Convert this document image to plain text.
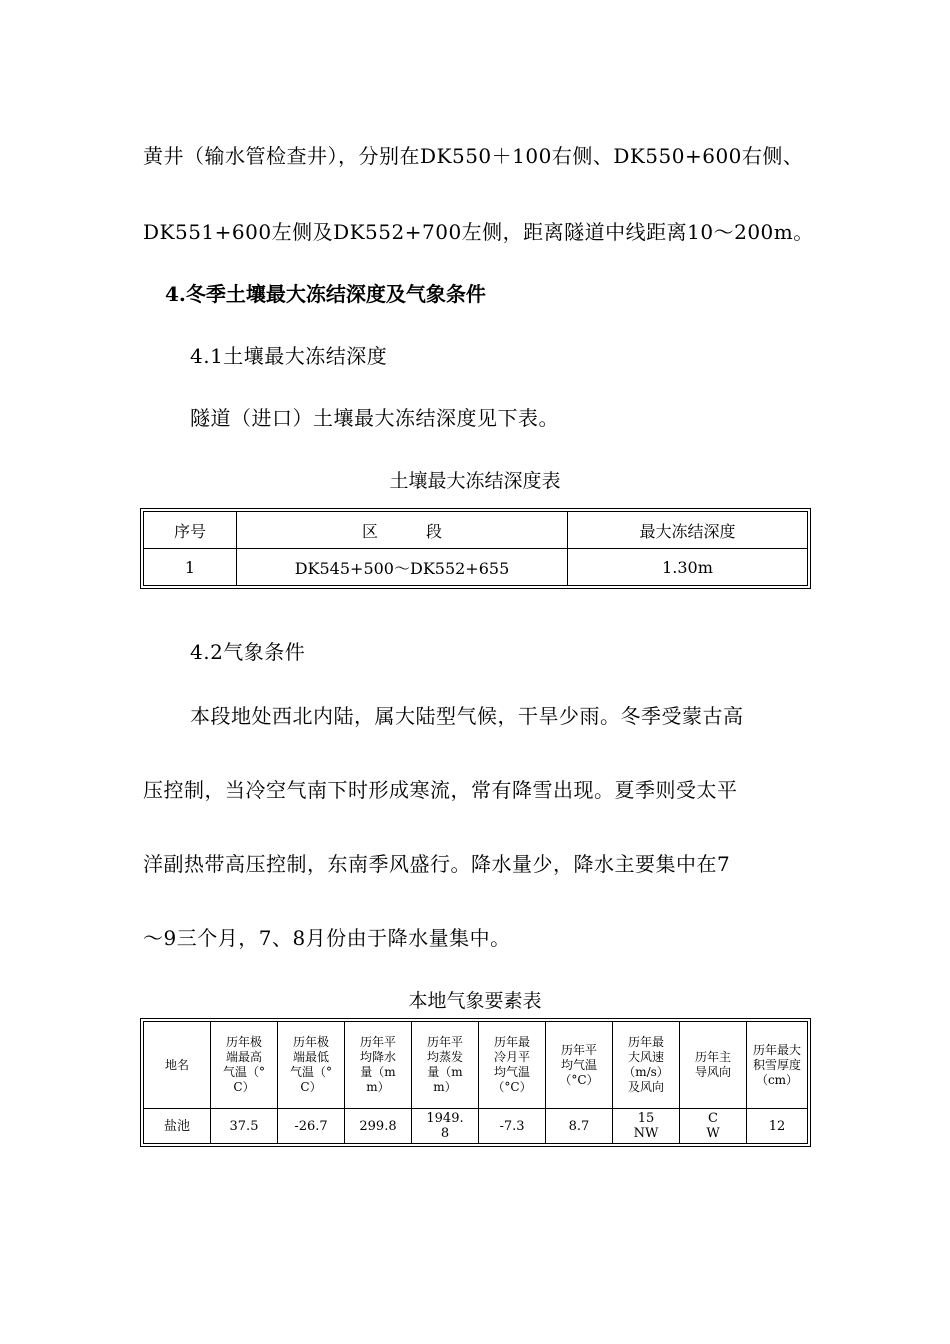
黄井（输水管检查井），分别在DK550＋100右侧、DK550+600右侧、
DK551+600左侧及DK552+700左侧，距离隧道中线距离10～200m。
4.冬季土壤最大冻结深度及气象条件
4.1土壤最大冻结深度
隧道（进口）土壤最大冻结深度见下表。
土壤最大冻结深度表
序号	区　　　段	最大冻结深度
1	DK545+500～DK552+655	1.30m
4.2气象条件
本段地处西北内陆，属大陆型气候，干旱少雨。冬季受蒙古高
压控制，当冷空气南下时形成寒流，常有降雪出现。夏季则受太平
洋副热带高压控制，东南季风盛行。降水量少，降水主要集中在7
～9三个月，7、8月份由于降水量集中。
本地气象要素表
地名	历年极端最高气温（°C）	历年极端最低气温（°C）	历年平均降水量（mm）	历年平均蒸发量（mm）	历年最冷月平均气温（°C）	历年平均气温（°C）	历年最大风速（m/s）及风向	历年主导风向	历年最大积雪厚度（cm）
盐池	37.5	-26.7	299.8	1949.8	-7.3	8.7	15 NW	C W	12
